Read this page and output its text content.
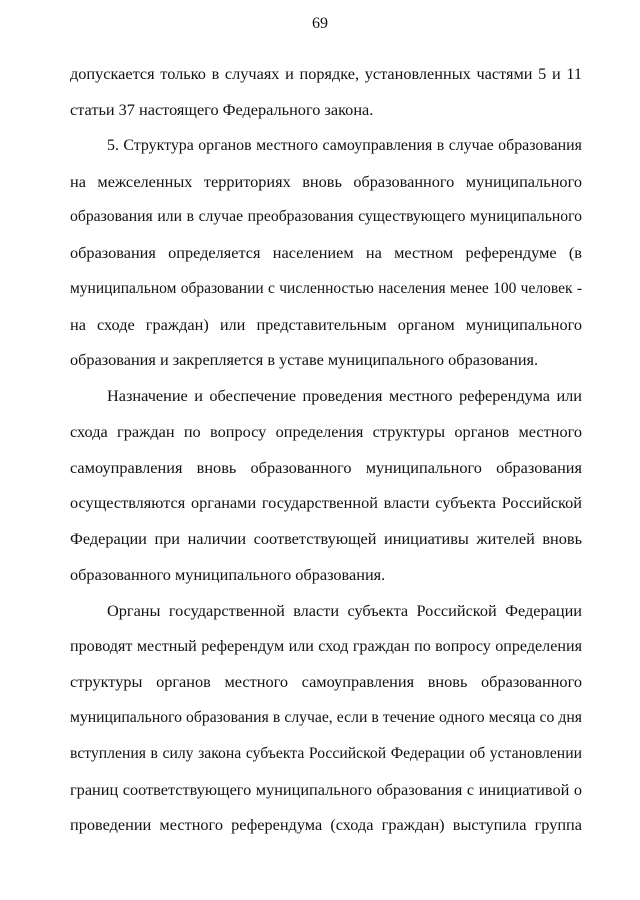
69
допускается только в случаях и порядке, установленных частями 5 и 11
статьи 37 настоящего Федерального закона.
5. Структура органов местного самоуправления в случае образования
на межселенных территориях вновь образованного муниципального
образования или в случае преобразования существующего муниципального
образования определяется населением на местном референдуме (в
муниципальном образовании с численностью населения менее 100 человек -
на сходе граждан) или представительным органом муниципального
образования и закрепляется в уставе муниципального образования.
Назначение и обеспечение проведения местного референдума или
схода граждан по вопросу определения структуры органов местного
самоуправления вновь образованного муниципального образования
осуществляются органами государственной власти субъекта Российской
Федерации при наличии соответствующей инициативы жителей вновь
образованного муниципального образования.
Органы государственной власти субъекта Российской Федерации
проводят местный референдум или сход граждан по вопросу определения
структуры органов местного самоуправления вновь образованного
муниципального образования в случае, если в течение одного месяца со дня
вступления в силу закона субъекта Российской Федерации об установлении
границ соответствующего муниципального образования с инициативой о
проведении местного референдума (схода граждан) выступила группа
